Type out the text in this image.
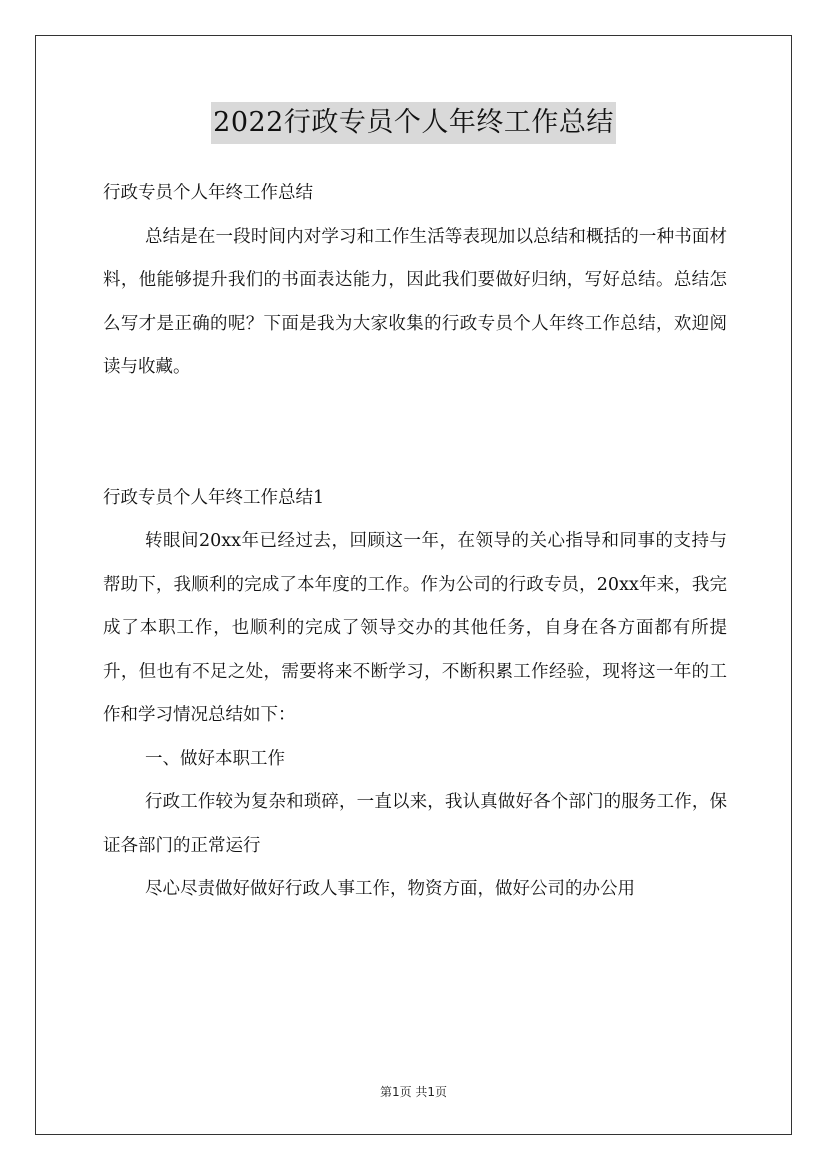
2022行政专员个人年终工作总结

行政专员个人年终工作总结

总结是在一段时间内对学习和工作生活等表现加以总结和概括的一种书面材料，他能够提升我们的书面表达能力，因此我们要做好归纳，写好总结。总结怎么写才是正确的呢？下面是我为大家收集的行政专员个人年终工作总结，欢迎阅读与收藏。

行政专员个人年终工作总结1

转眼间20xx年已经过去，回顾这一年，在领导的关心指导和同事的支持与帮助下，我顺利的完成了本年度的工作。作为公司的行政专员，20xx年来，我完成了本职工作，也顺利的完成了领导交办的其他任务，自身在各方面都有所提升，但也有不足之处，需要将来不断学习，不断积累工作经验，现将这一年的工作和学习情况总结如下：

一、做好本职工作

行政工作较为复杂和琐碎，一直以来，我认真做好各个部门的服务工作，保证各部门的正常运行

尽心尽责做好做好行政人事工作，物资方面，做好公司的办公用

第1页 共1页
